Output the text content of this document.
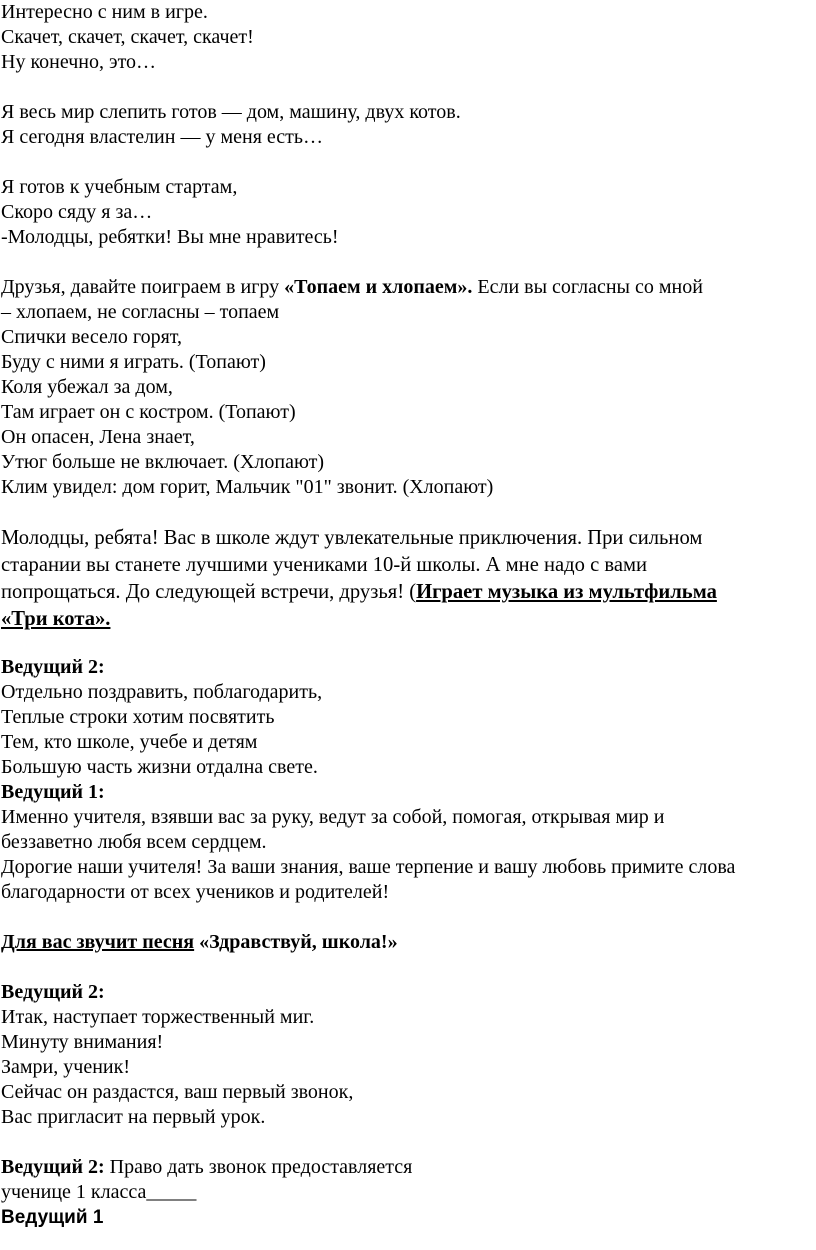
Интересно с ним в игре.
Скачет, скачет, скачет, скачет!
Ну конечно, это…
Я весь мир слепить готов — дом, машину, двух котов.
Я сегодня властелин — у меня есть…
Я готов к учебным стартам,
Скоро сяду я за…
-Молодцы, ребятки! Вы мне нравитесь!
Друзья, давайте поиграем в игру «Топаем и хлопаем». Если вы согласны со мной
– хлопаем, не согласны – топаем
Спички весело горят,
Буду с ними я играть. (Топают)
Коля убежал за дом,
Там играет он с костром. (Топают)
Он опасен, Лена знает,
Утюг больше не включает. (Хлопают)
Клим увидел: дом горит, Мальчик "01" звонит. (Хлопают)
Молодцы, ребята! Вас в школе ждут увлекательные приключения. При сильном
старании вы станете лучшими учениками 10-й школы. А мне надо с вами
попрощаться. До следующей встречи, друзья! (Играет музыка из мультфильма
«Три кота».
Ведущий 2:
Отдельно поздравить, поблагодарить,
Теплые строки хотим посвятить
Тем, кто школе, учебе и детям
Большую часть жизни отдална свете.
Ведущий 1:
Именно учителя, взявши вас за руку, ведут за собой, помогая, открывая мир и
беззаветно любя всем сердцем.
Дорогие наши учителя! За ваши знания, ваше терпение и вашу любовь примите слова
благодарности от всех учеников и родителей!
Для вас звучит песня «Здравствуй, школа!»
Ведущий 2:
Итак, наступает торжественный миг.
Минуту внимания!
Замри, ученик!
Сейчас он раздастся, ваш первый звонок,
Вас пригласит на первый урок.
Ведущий 2: Право дать звонок предоставляется
ученице 1 класса_____
Ведущий 1
